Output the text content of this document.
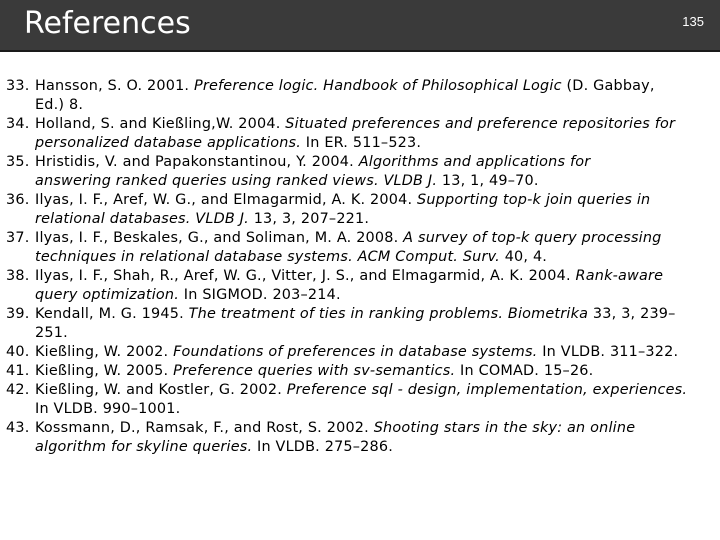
References	135
33. Hansson, S. O. 2001. Preference logic. Handbook of Philosophical Logic (D. Gabbay,
Ed.) 8.
34. Holland, S. and Kießling,W. 2004. Situated preferences and preference repositories for
personalized database applications. In ER. 511–523.
35. Hristidis, V. and Papakonstantinou, Y. 2004. Algorithms and applications for
answering ranked queries using ranked views. VLDB J. 13, 1, 49–70.
36. Ilyas, I. F., Aref, W. G., and Elmagarmid, A. K. 2004. Supporting top-k join queries in
relational databases. VLDB J. 13, 3, 207–221.
37. Ilyas, I. F., Beskales, G., and Soliman, M. A. 2008. A survey of top-k query processing
techniques in relational database systems. ACM Comput. Surv. 40, 4.
38. Ilyas, I. F., Shah, R., Aref, W. G., Vitter, J. S., and Elmagarmid, A. K. 2004. Rank-aware
query optimization. In SIGMOD. 203–214.
39. Kendall, M. G. 1945. The treatment of ties in ranking problems. Biometrika 33, 3, 239–
251.
40. Kießling, W. 2002. Foundations of preferences in database systems. In VLDB. 311–322.
41. Kießling, W. 2005. Preference queries with sv-semantics. In COMAD. 15–26.
42. Kießling, W. and Kostler, G. 2002. Preference sql - design, implementation, experiences.
In VLDB. 990–1001.
43. Kossmann, D., Ramsak, F., and Rost, S. 2002. Shooting stars in the sky: an online
algorithm for skyline queries. In VLDB. 275–286.
